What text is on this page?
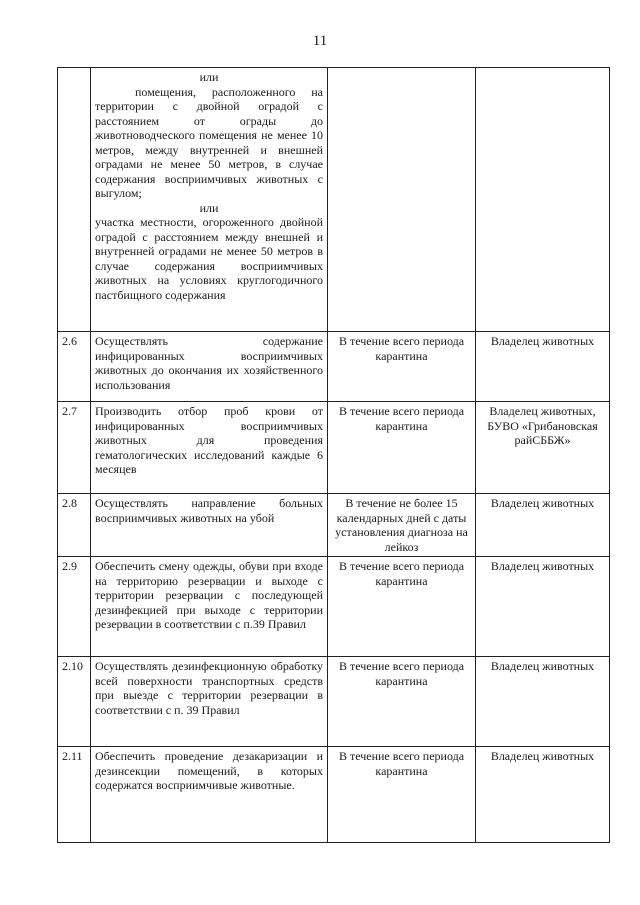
11

	или
помещения, расположенного на территории с двойной оградой с расстоянием от ограды до животноводческого помещения не менее 10 метров, между внутренней и внешней оградами не менее 50 метров, в случае содержания восприимчивых животных с выгулом;
или
участка местности, огороженного двойной оградой с расстоянием между внешней и внутренней оградами не менее 50 метров в случае содержания восприимчивых животных на условиях круглогодичного пастбищного содержания		

2.6	Осуществлять содержание инфицированных восприимчивых животных до окончания их хозяйственного использования	В течение всего периода карантина	Владелец животных
2.7	Производить отбор проб крови от инфицированных восприимчивых животных для проведения гематологических исследований каждые 6 месяцев	В течение всего периода карантина	Владелец животных, БУВО «Грибановская райСББЖ»
2.8	Осуществлять направление больных восприимчивых животных на убой	В течение не более 15 календарных дней с даты установления диагноза на лейкоз	Владелец животных
2.9	Обеспечить смену одежды, обуви при входе на территорию резервации и выходе с территории резервации с последующей дезинфекцией при выходе с территории резервации в соответствии с п.39 Правил	В течение всего периода карантина	Владелец животных
2.10	Осуществлять дезинфекционную обработку всей поверхности транспортных средств при выезде с территории резервации в соответствии с п. 39 Правил	В течение всего периода карантина	Владелец животных
2.11	Обеспечить проведение дезакаризации и дезинсекции помещений, в которых содержатся восприимчивые животные.	В течение всего периода карантина	Владелец животных
